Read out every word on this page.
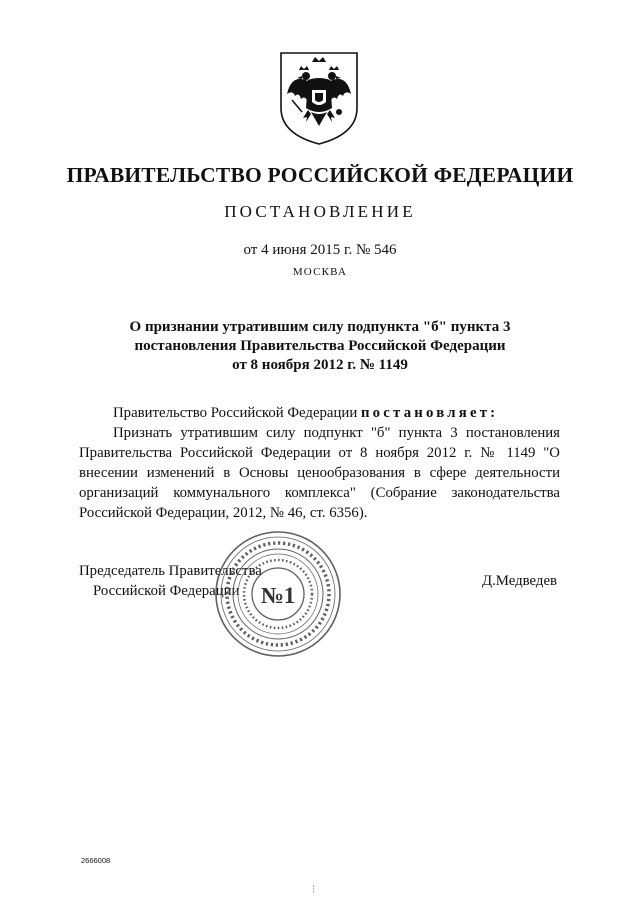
ПРАВИТЕЛЬСТВО РОССИЙСКОЙ ФЕДЕРАЦИИ
ПОСТАНОВЛЕНИЕ
от 4 июня 2015 г. № 546
МОСКВА
О признании утратившим силу подпункта "б" пункта 3
постановления Правительства Российской Федерации
от 8 ноября 2012 г. № 1149
Правительство Российской Федерации постановляет:
Признать утратившим силу подпункт "б" пункта 3 постановления Правительства Российской Федерации от 8 ноября 2012 г. № 1149 "О внесении изменений в Основы ценообразования в сфере деятельности организаций коммунального комплекса" (Собрание законодательства Российской Федерации, 2012, № 46, ст. 6356).
Председатель Правительства
Российской Федерации №1
Д.Медведев
2666008
